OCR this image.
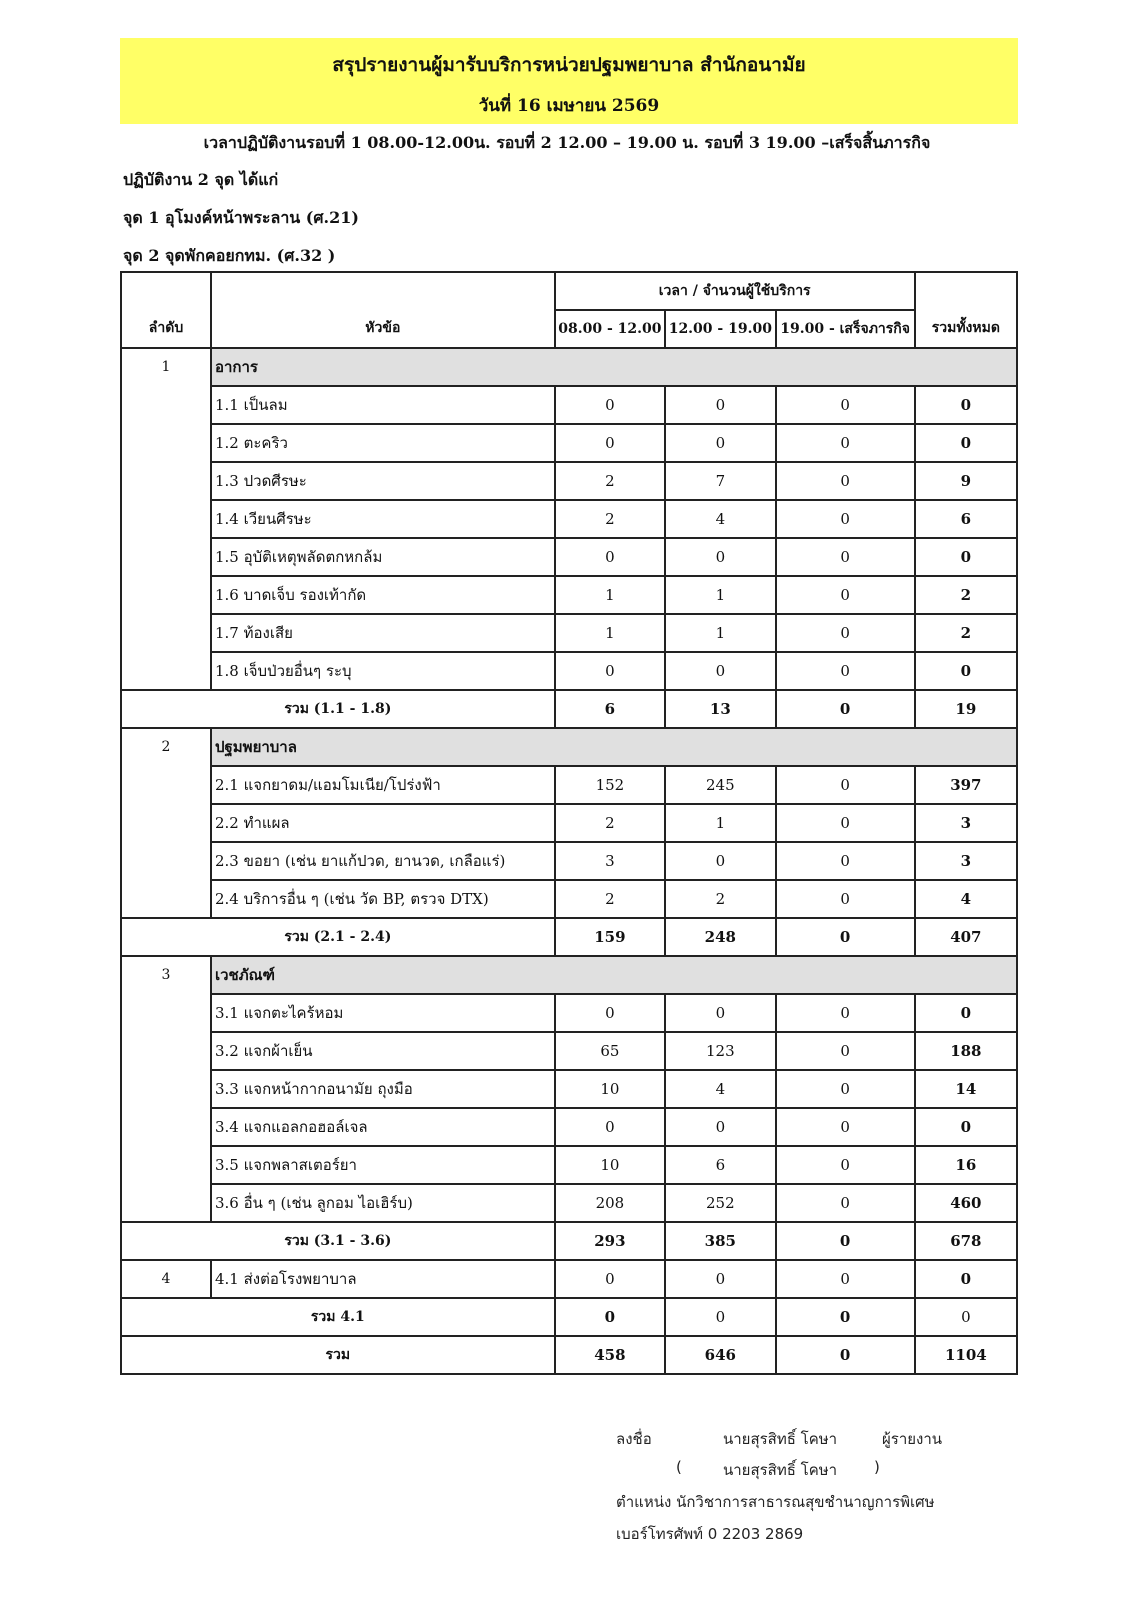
สรุปรายงานผู้มารับบริการหน่วยปฐมพยาบาล สำนักอนามัย
วันที่ 16 เมษายน 2569
เวลาปฏิบัติงานรอบที่ 1 08.00-12.00น. รอบที่ 2 12.00 – 19.00 น. รอบที่ 3 19.00 –เสร็จสิ้นภารกิจ
ปฏิบัติงาน 2 จุด ได้แก่
จุด 1 อุโมงค์หน้าพระลาน (ศ.21)
จุด 2 จุดพักคอยกทม. (ศ.32 )
ลำดับ	หัวข้อ	เวลา / จำนวนผู้ใช้บริการ			รวมทั้งหมด
		08.00 - 12.00	12.00 - 19.00	19.00 - เสร็จภารกิจ	
1	อาการ				
	1.1 เป็นลม	0	0	0	0
	1.2 ตะคริว	0	0	0	0
	1.3 ปวดศีรษะ	2	7	0	9
	1.4 เวียนศีรษะ	2	4	0	6
	1.5 อุบัติเหตุพลัดตกหกล้ม	0	0	0	0
	1.6 บาดเจ็บ รองเท้ากัด	1	1	0	2
	1.7 ท้องเสีย	1	1	0	2
	1.8 เจ็บป่วยอื่นๆ ระบุ	0	0	0	0
รวม (1.1 - 1.8)		6	13	0	19
2	ปฐมพยาบาล				
	2.1 แจกยาดม/แอมโมเนีย/โปร่งฟ้า	152	245	0	397
	2.2 ทำแผล	2	1	0	3
	2.3 ขอยา (เช่น ยาแก้ปวด, ยานวด, เกลือแร่)	3	0	0	3
	2.4 บริการอื่น ๆ (เช่น วัด BP, ตรวจ DTX)	2	2	0	4
รวม (2.1 - 2.4)		159	248	0	407
3	เวชภัณฑ์				
	3.1 แจกตะไคร้หอม	0	0	0	0
	3.2 แจกผ้าเย็น	65	123	0	188
	3.3 แจกหน้ากากอนามัย ถุงมือ	10	4	0	14
	3.4 แจกแอลกอฮอล์เจล	0	0	0	0
	3.5 แจกพลาสเตอร์ยา	10	6	0	16
	3.6 อื่น ๆ (เช่น ลูกอม ไอเฮิร์บ)	208	252	0	460
รวม (3.1 - 3.6)		293	385	0	678
4	4.1 ส่งต่อโรงพยาบาล	0	0	0	0
รวม 4.1		0	0	0	0
รวม		458	646	0	1104
ลงชื่อ	นายสุรสิทธิ์ โคษา	ผู้รายงาน
(	นายสุรสิทธิ์ โคษา )
ตำแหน่ง นักวิชาการสาธารณสุขชำนาญการพิเศษ
เบอร์โทรศัพท์ 0 2203 2869
